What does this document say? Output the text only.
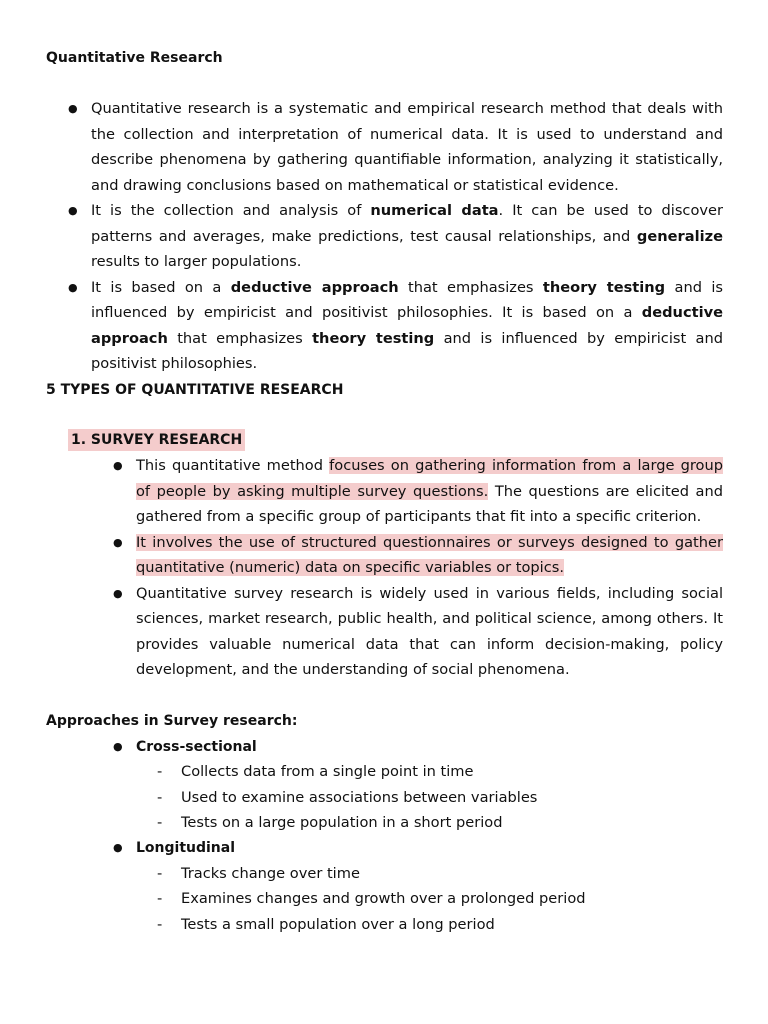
Quantitative Research
● Quantitative research is a systematic and empirical research method that deals with the collection and interpretation of numerical data. It is used to understand and describe phenomena by gathering quantifiable information, analyzing it statistically, and drawing conclusions based on mathematical or statistical evidence.
● It is the collection and analysis of numerical data. It can be used to discover patterns and averages, make predictions, test causal relationships, and generalize results to larger populations.
● It is based on a deductive approach that emphasizes theory testing and is influenced by empiricist and positivist philosophies. It is based on a deductive approach that emphasizes theory testing and is influenced by empiricist and positivist philosophies.
5 TYPES OF QUANTITATIVE RESEARCH
1. SURVEY RESEARCH
● This quantitative method focuses on gathering information from a large group of people by asking multiple survey questions. The questions are elicited and gathered from a specific group of participants that fit into a specific criterion.
● It involves the use of structured questionnaires or surveys designed to gather quantitative (numeric) data on specific variables or topics.
● Quantitative survey research is widely used in various fields, including social sciences, market research, public health, and political science, among others. It provides valuable numerical data that can inform decision-making, policy development, and the understanding of social phenomena.
Approaches in Survey research:
● Cross-sectional
Collects data from a single point in time
Used to examine associations between variables
Tests on a large population in a short period
● Longitudinal
Tracks change over time
Examines changes and growth over a prolonged period
Tests a small population over a long period
